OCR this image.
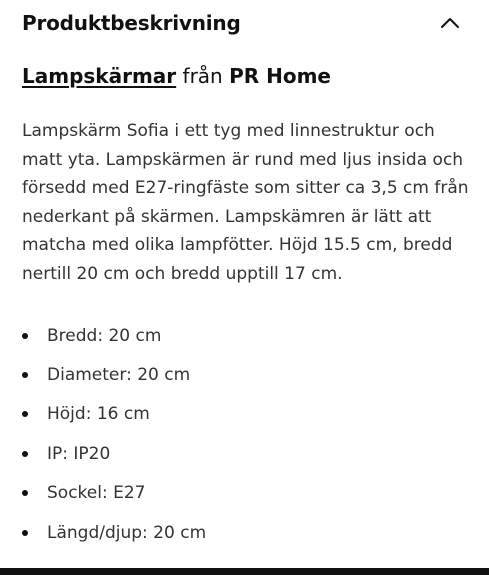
Produktbeskrivning
Lampskärmar från PR Home

Lampskärm Sofia i ett tyg med linnestruktur och matt yta. Lampskärmen är rund med ljus insida och försedd med E27-ringfäste som sitter ca 3,5 cm från nederkant på skärmen. Lampskämren är lätt att matcha med olika lampfötter. Höjd 15.5 cm, bredd nertill 20 cm och bredd upptill 17 cm.

Bredd: 20 cm
Diameter: 20 cm
Höjd: 16 cm
IP: IP20
Sockel: E27
Längd/djup: 20 cm
